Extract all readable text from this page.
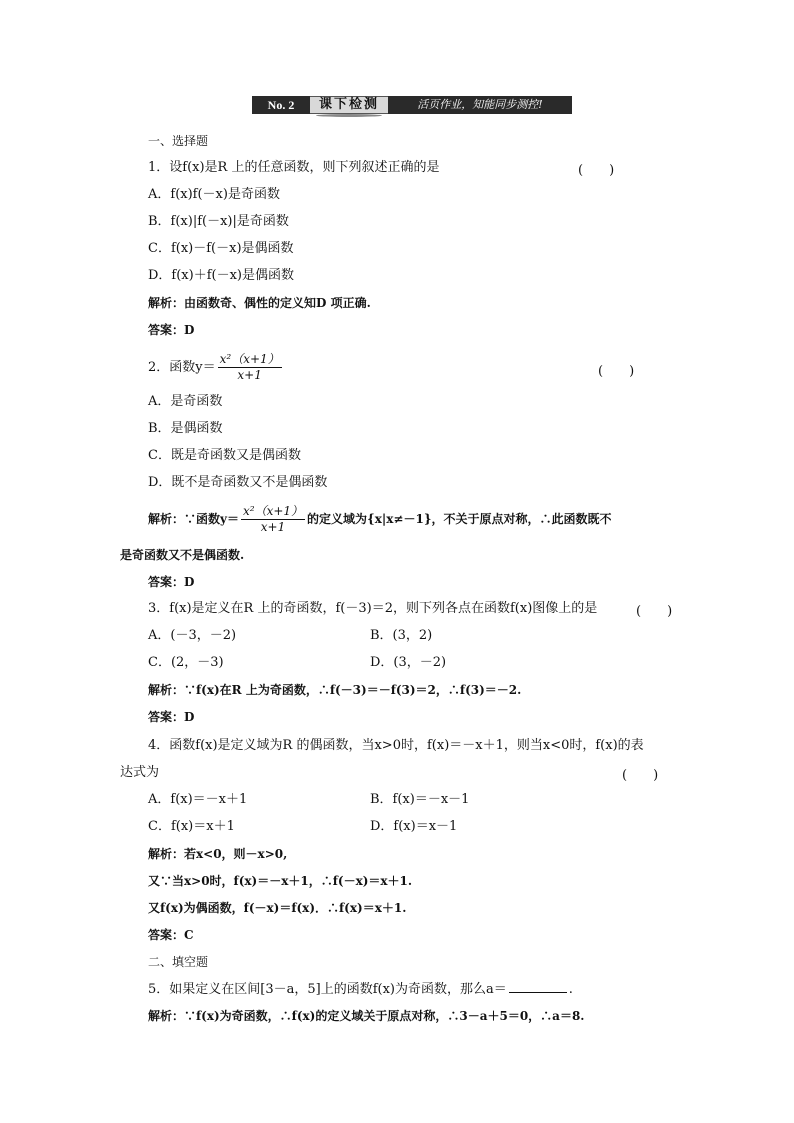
No. 2	课下检测	活页作业，知能同步测控!
一、选择题
1．设f(x)是R 上的任意函数，则下列叙述正确的是	(　　)
A．f(x)f(－x)是奇函数
B．f(x)|f(－x)|是奇函数
C．f(x)－f(－x)是偶函数
D．f(x)＋f(－x)是偶函数
解析：由函数奇、偶性的定义知D 项正确.
答案：D
2．函数$y= \frac{\text{x²（x+1）}}{x+1}$	(　　)
A．是奇函数
B．是偶函数
C．既是奇函数又是偶函数
D．既不是奇函数又不是偶函数
解析：∵函数$y= \frac{\text{x²（x+1）}}{x+1}$ 的定义域为{x|x≠－1}，不关于原点对称，∴此函数既不
是奇函数又不是偶函数.
答案：D
3．f(x)是定义在R 上的奇函数，f(－3)＝2，则下列各点在函数f(x)图像上的是	(　　)
A．(－3，－2)	B．(3，2)
C．(2，－3)	D．(3，－2)
解析：∵f(x)在R 上为奇函数，∴f(－3)＝－f(3)＝2，∴f(3)＝－2.
答案：D
4．函数f(x)是定义域为R 的偶函数，当x>0时，f(x)＝－x＋1，则当x<0时，f(x)的表
达式为	(　　)
A．f(x)＝－x＋1	B．f(x)＝－x－1
C．f(x)＝x＋1	D．f(x)＝x－1
解析：若x<0，则－x>0,
又∵当x>0时，f(x)＝－x＋1，∴f(－x)＝x＋1.
又f(x)为偶函数，f(－x)＝f(x)．∴f(x)＝x＋1.
答案：C
二、填空题
5．如果定义在区间[3－a，5]上的函数f(x)为奇函数，那么a＝	.
解析：∵f(x)为奇函数，∴f(x)的定义域关于原点对称，∴3－a＋5＝0，∴a＝8.
